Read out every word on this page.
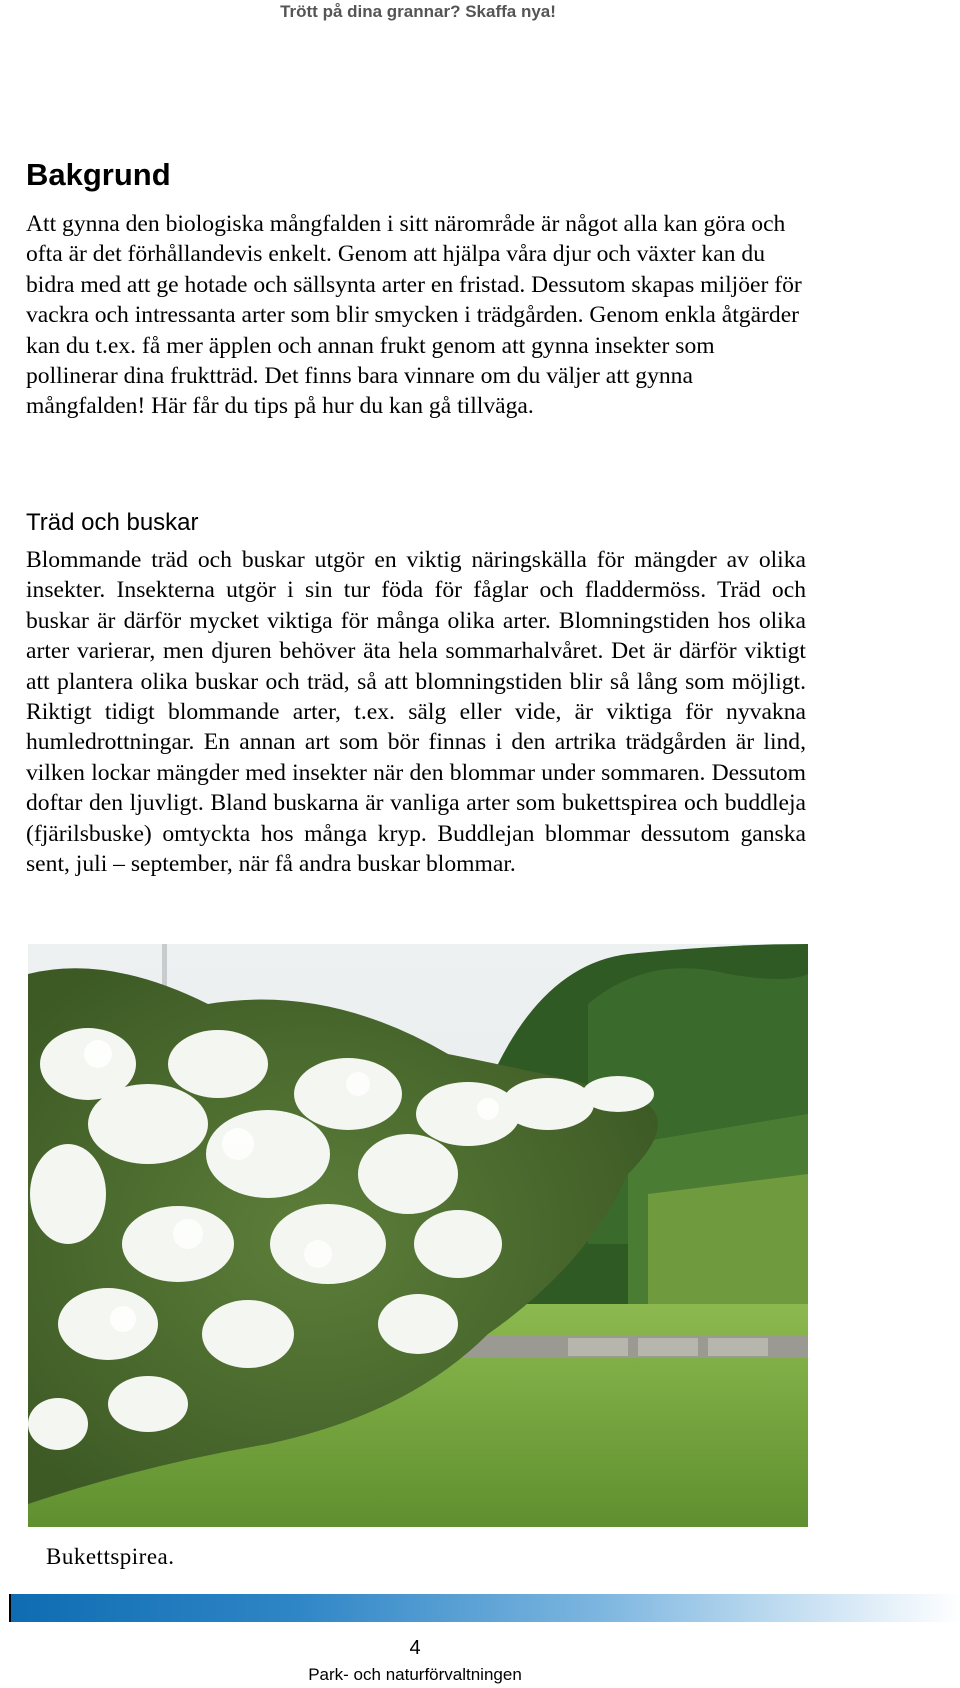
Trött på dina grannar? Skaffa nya!
Bakgrund

Att gynna den biologiska mångfalden i sitt närområde är något alla kan göra och ofta är det förhållandevis enkelt. Genom att hjälpa våra djur och växter kan du bidra med att ge hotade och sällsynta arter en fristad. Dessutom skapas miljöer för vackra och intressanta arter som blir smycken i trädgården. Genom enkla åtgärder kan du t.ex. få mer äpplen och annan frukt genom att gynna insekter som pollinerar dina fruktträd. Det finns bara vinnare om du väljer att gynna mångfalden! Här får du tips på hur du kan gå tillväga.

Träd och buskar

Blommande träd och buskar utgör en viktig näringskälla för mängder av olika insekter. Insekterna utgör i sin tur föda för fåglar och fladdermöss. Träd och buskar är därför mycket viktiga för många olika arter. Blomningstiden hos olika arter varierar, men djuren behöver äta hela sommarhalvåret. Det är därför viktigt att plantera olika buskar och träd, så att blomningstiden blir så lång som möjligt. Riktigt tidigt blommande arter, t.ex. sälg eller vide, är viktiga för nyvakna humledrottningar. En annan art som bör finnas i den artrika trädgården är lind, vilken lockar mängder med insekter när den blommar under sommaren. Dessutom doftar den ljuvligt. Bland buskarna är vanliga arter som bukettspirea och buddleja (fjärilsbuske) omtyckta hos många kryp. Buddlejan blommar dessutom ganska sent, juli – september, när få andra buskar blommar.

Bukettspirea.

4
Park- och naturförvaltningen
